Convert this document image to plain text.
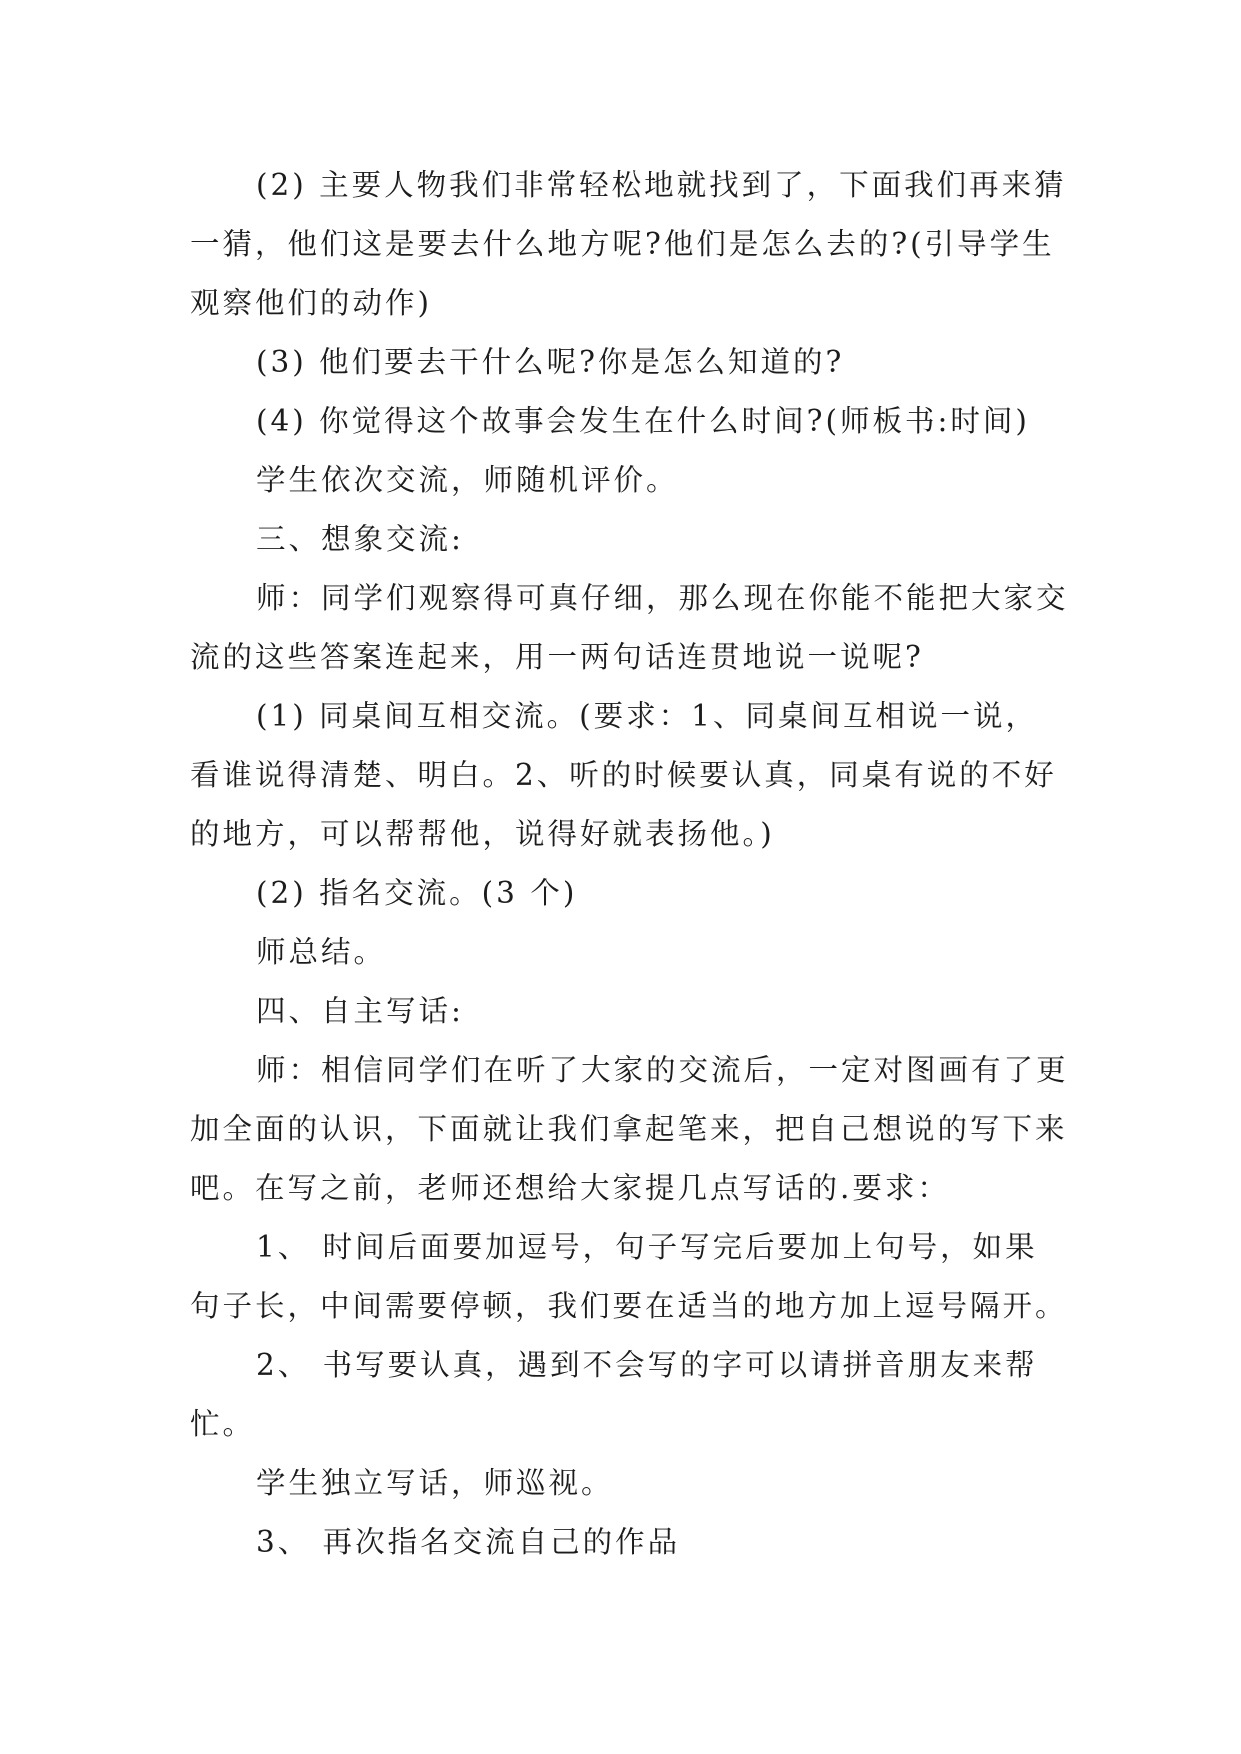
(2) 主要人物我们非常轻松地就找到了，下面我们再来猜一猜，他们这是要去什么地方呢?他们是怎么去的?(引导学生观察他们的动作)

(3) 他们要去干什么呢?你是怎么知道的?

(4) 你觉得这个故事会发生在什么时间?(师板书:时间)

学生依次交流，师随机评价。

三、想象交流:

师：同学们观察得可真仔细，那么现在你能不能把大家交流的这些答案连起来，用一两句话连贯地说一说呢?

(1) 同桌间互相交流。(要求：1、同桌间互相说一说，看谁说得清楚、明白。2、听的时候要认真，同桌有说的不好的地方，可以帮帮他，说得好就表扬他。)

(2) 指名交流。(3 个)

师总结。

四、自主写话:

师：相信同学们在听了大家的交流后，一定对图画有了更加全面的认识，下面就让我们拿起笔来，把自己想说的写下来吧。在写之前，老师还想给大家提几点写话的.要求：

1、 时间后面要加逗号，句子写完后要加上句号，如果句子长，中间需要停顿，我们要在适当的地方加上逗号隔开。

2、 书写要认真，遇到不会写的字可以请拼音朋友来帮忙。

学生独立写话，师巡视。

3、 再次指名交流自己的作品
